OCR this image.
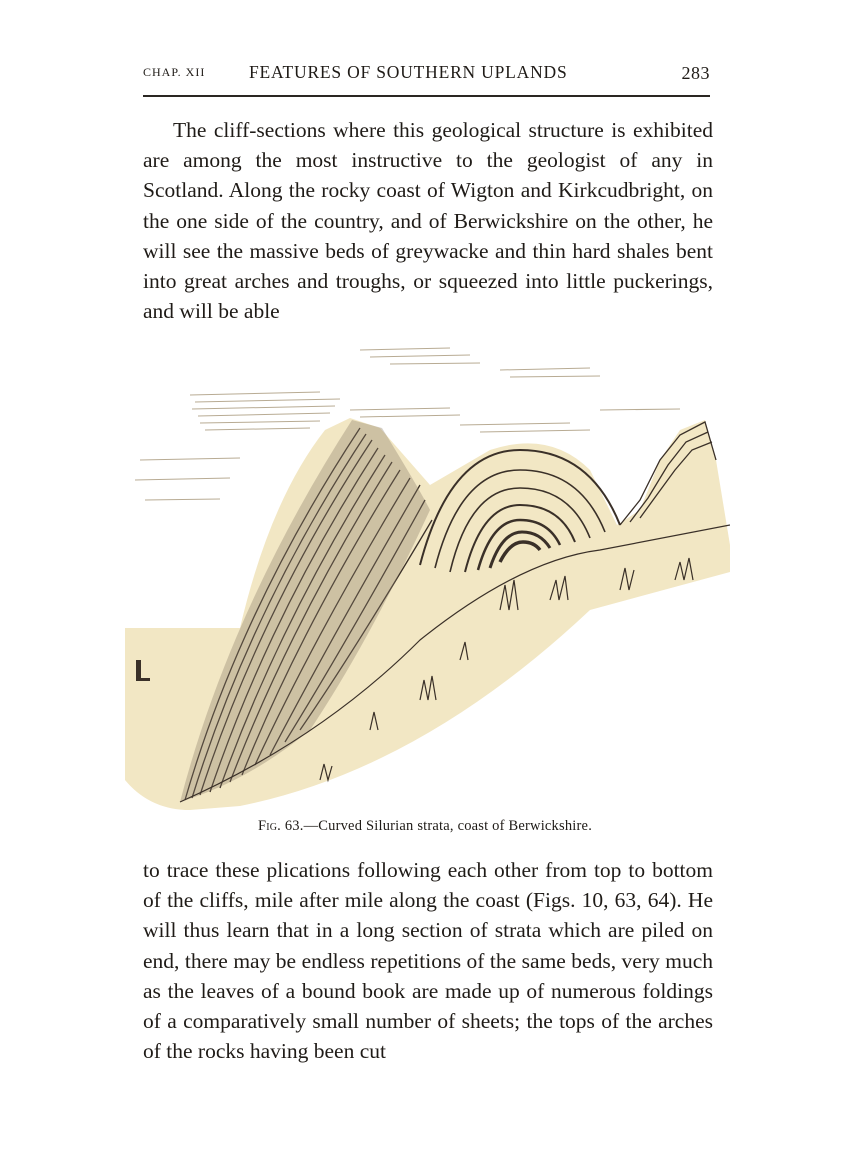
CHAP. XII FEATURES OF SOUTHERN UPLANDS	283

The cliff-sections where this geological structure is exhibited are among the most instructive to the geologist of any in Scotland. Along the rocky coast of Wigton and Kirkcudbright, on the one side of the country, and of Berwickshire on the other, he will see the massive beds of greywacke and thin hard shales bent into great arches and troughs, or squeezed into little puckerings, and will be able

Fig. 63.—Curved Silurian strata, coast of Berwickshire.

to trace these plications following each other from top to bottom of the cliffs, mile after mile along the coast (Figs. 10, 63, 64). He will thus learn that in a long section of strata which are piled on end, there may be endless repetitions of the same beds, very much as the leaves of a bound book are made up of numerous foldings of a comparatively small number of sheets; the tops of the arches of the rocks having been cut
